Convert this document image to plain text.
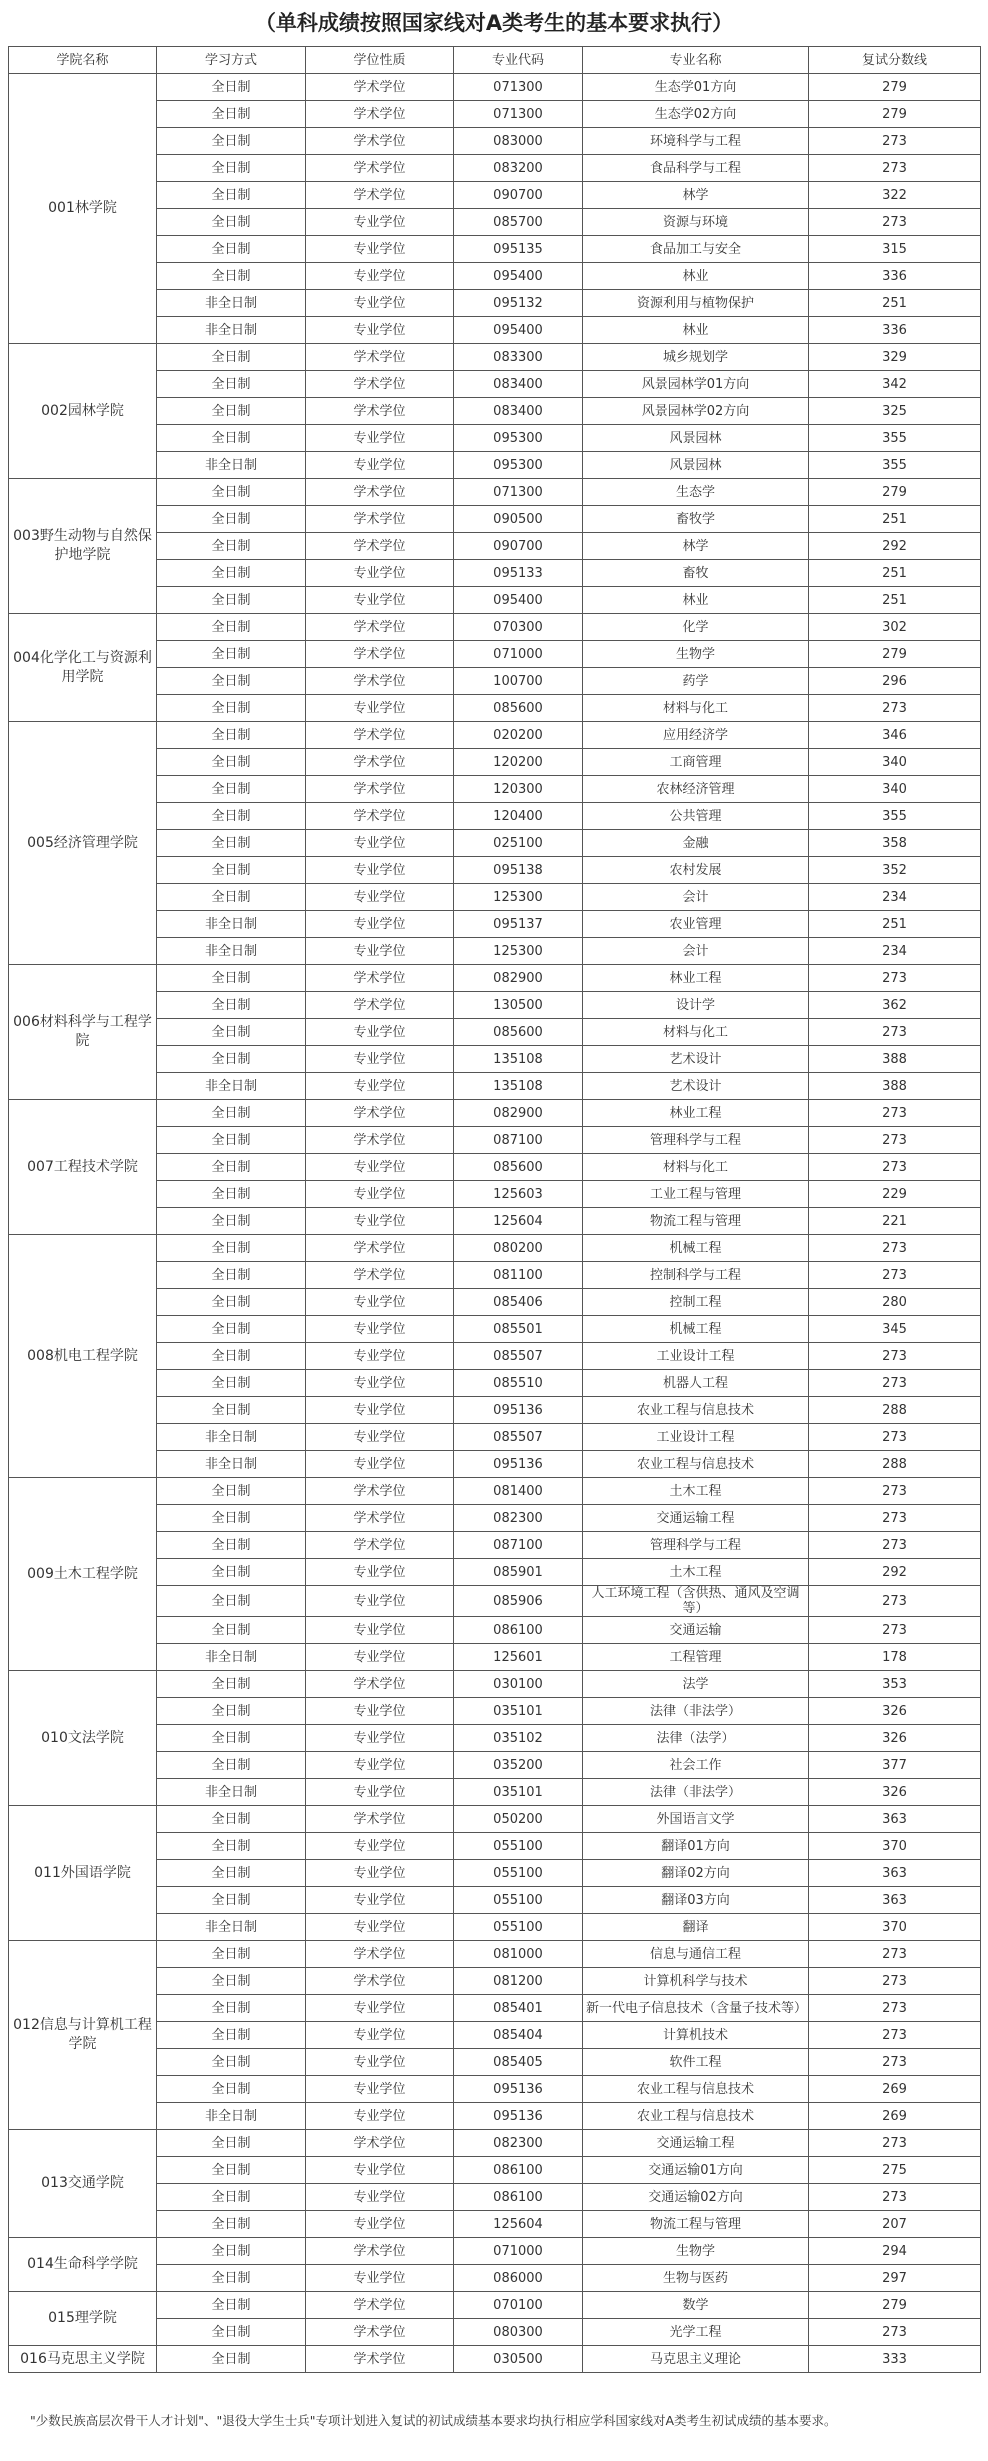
（单科成绩按照国家线对A类考生的基本要求执行）
学院名称	学习方式	学位性质	专业代码	专业名称	复试分数线
001林学院	全日制	学术学位	071300	生态学01方向	279
	全日制	学术学位	071300	生态学02方向	279
	全日制	学术学位	083000	环境科学与工程	273
	全日制	学术学位	083200	食品科学与工程	273
	全日制	学术学位	090700	林学	322
	全日制	专业学位	085700	资源与环境	273
	全日制	专业学位	095135	食品加工与安全	315
	全日制	专业学位	095400	林业	336
	非全日制	专业学位	095132	资源利用与植物保护	251
	非全日制	专业学位	095400	林业	336
002园林学院	全日制	学术学位	083300	城乡规划学	329
	全日制	学术学位	083400	风景园林学01方向	342
	全日制	学术学位	083400	风景园林学02方向	325
	全日制	专业学位	095300	风景园林	355
	非全日制	专业学位	095300	风景园林	355
003野生动物与自然保护地学院	全日制	学术学位	071300	生态学	279
	全日制	学术学位	090500	畜牧学	251
	全日制	学术学位	090700	林学	292
	全日制	专业学位	095133	畜牧	251
	全日制	专业学位	095400	林业	251
004化学化工与资源利用学院	全日制	学术学位	070300	化学	302
	全日制	学术学位	071000	生物学	279
	全日制	学术学位	100700	药学	296
	全日制	专业学位	085600	材料与化工	273
005经济管理学院	全日制	学术学位	020200	应用经济学	346
	全日制	学术学位	120200	工商管理	340
	全日制	学术学位	120300	农林经济管理	340
	全日制	学术学位	120400	公共管理	355
	全日制	专业学位	025100	金融	358
	全日制	专业学位	095138	农村发展	352
	全日制	专业学位	125300	会计	234
	非全日制	专业学位	095137	农业管理	251
	非全日制	专业学位	125300	会计	234
006材料科学与工程学院	全日制	学术学位	082900	林业工程	273
	全日制	学术学位	130500	设计学	362
	全日制	专业学位	085600	材料与化工	273
	全日制	专业学位	135108	艺术设计	388
	非全日制	专业学位	135108	艺术设计	388
007工程技术学院	全日制	学术学位	082900	林业工程	273
	全日制	学术学位	087100	管理科学与工程	273
	全日制	专业学位	085600	材料与化工	273
	全日制	专业学位	125603	工业工程与管理	229
	全日制	专业学位	125604	物流工程与管理	221
008机电工程学院	全日制	学术学位	080200	机械工程	273
	全日制	学术学位	081100	控制科学与工程	273
	全日制	专业学位	085406	控制工程	280
	全日制	专业学位	085501	机械工程	345
	全日制	专业学位	085507	工业设计工程	273
	全日制	专业学位	085510	机器人工程	273
	全日制	专业学位	095136	农业工程与信息技术	288
	非全日制	专业学位	085507	工业设计工程	273
	非全日制	专业学位	095136	农业工程与信息技术	288
009土木工程学院	全日制	学术学位	081400	土木工程	273
	全日制	学术学位	082300	交通运输工程	273
	全日制	学术学位	087100	管理科学与工程	273
	全日制	专业学位	085901	土木工程	292
	全日制	专业学位	085906	人工环境工程（含供热、通风及空调等）	273
	全日制	专业学位	086100	交通运输	273
	非全日制	专业学位	125601	工程管理	178
010文法学院	全日制	学术学位	030100	法学	353
	全日制	专业学位	035101	法律（非法学）	326
	全日制	专业学位	035102	法律（法学）	326
	全日制	专业学位	035200	社会工作	377
	非全日制	专业学位	035101	法律（非法学）	326
011外国语学院	全日制	学术学位	050200	外国语言文学	363
	全日制	专业学位	055100	翻译01方向	370
	全日制	专业学位	055100	翻译02方向	363
	全日制	专业学位	055100	翻译03方向	363
	非全日制	专业学位	055100	翻译	370
012信息与计算机工程学院	全日制	学术学位	081000	信息与通信工程	273
	全日制	学术学位	081200	计算机科学与技术	273
	全日制	专业学位	085401	新一代电子信息技术（含量子技术等）	273
	全日制	专业学位	085404	计算机技术	273
	全日制	专业学位	085405	软件工程	273
	全日制	专业学位	095136	农业工程与信息技术	269
	非全日制	专业学位	095136	农业工程与信息技术	269
013交通学院	全日制	学术学位	082300	交通运输工程	273
	全日制	专业学位	086100	交通运输01方向	275
	全日制	专业学位	086100	交通运输02方向	273
	全日制	专业学位	125604	物流工程与管理	207
014生命科学学院	全日制	学术学位	071000	生物学	294
	全日制	专业学位	086000	生物与医药	297
015理学院	全日制	学术学位	070100	数学	279
	全日制	学术学位	080300	光学工程	273
016马克思主义学院	全日制	学术学位	030500	马克思主义理论	333
"少数民族高层次骨干人才计划"、"退役大学生士兵"专项计划进入复试的初试成绩基本要求均执行相应学科国家线对A类考生初试成绩的基本要求。
